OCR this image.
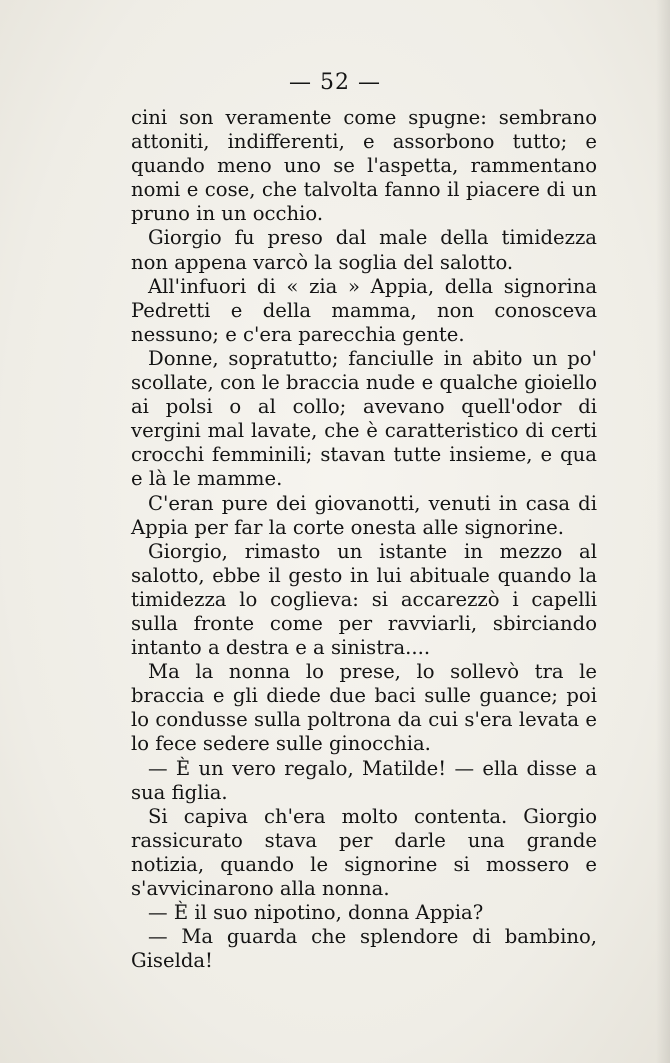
— 52 —

cini son veramente come spugne: sembrano attoniti, indifferenti, e assorbono tutto; e quando meno uno se l'aspetta, rammentano nomi e cose, che talvolta fanno il piacere di un pruno in un occhio.

Giorgio fu preso dal male della timidezza non appena varcò la soglia del salotto.

All'infuori di « zia » Appia, della signorina Pedretti e della mamma, non conosceva nessuno; e c'era parecchia gente.

Donne, sopratutto; fanciulle in abito un po' scollate, con le braccia nude e qualche gioiello ai polsi o al collo; avevano quell'odor di vergini mal lavate, che è caratteristico di certi crocchi femminili; stavan tutte insieme, e qua e là le mamme.

C'eran pure dei giovanotti, venuti in casa di Appia per far la corte onesta alle signorine.

Giorgio, rimasto un istante in mezzo al salotto, ebbe il gesto in lui abituale quando la timidezza lo coglieva: si accarezzò i capelli sulla fronte come per ravviarli, sbirciando intanto a destra e a sinistra....

Ma la nonna lo prese, lo sollevò tra le braccia e gli diede due baci sulle guance; poi lo condusse sulla poltrona da cui s'era levata e lo fece sedere sulle ginocchia.

— È un vero regalo, Matilde! — ella disse a sua figlia.

Si capiva ch'era molto contenta. Giorgio rassicurato stava per darle una grande notizia, quando le signorine si mossero e s'avvicinarono alla nonna.

— È il suo nipotino, donna Appia?

— Ma guarda che splendore di bambino, Giselda!
